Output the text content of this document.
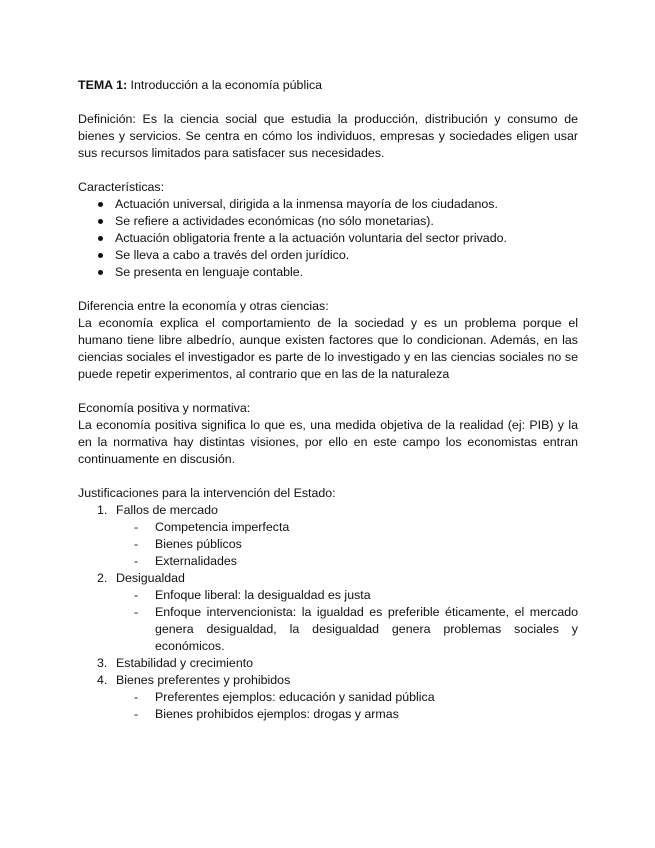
TEMA 1: Introducción a la economía pública

Definición: Es la ciencia social que estudia la producción, distribución y consumo de bienes y servicios. Se centra en cómo los individuos, empresas y sociedades eligen usar sus recursos limitados para satisfacer sus necesidades.

Características:

Actuación universal, dirigida a la inmensa mayoría de los ciudadanos.
Se refiere a actividades económicas (no sólo monetarias).
Actuación obligatoria frente a la actuación voluntaria del sector privado.
Se lleva a cabo a través del orden jurídico.
Se presenta en lenguaje contable.

Diferencia entre la economía y otras ciencias:

La economía explica el comportamiento de la sociedad y es un problema porque el humano tiene libre albedrío, aunque existen factores que lo condicionan. Además, en las ciencias sociales el investigador es parte de lo investigado y en las ciencias sociales no se puede repetir experimentos, al contrario que en las de la naturaleza

Economía positiva y normativa:

La economía positiva significa lo que es, una medida objetiva de la realidad (ej: PIB) y la en la normativa hay distintas visiones, por ello en este campo los economistas entran continuamente en discusión.

Justificaciones para la intervención del Estado:

1. Fallos de mercado
- Competencia imperfecta
- Bienes públicos
- Externalidades
2. Desigualdad
- Enfoque liberal: la desigualdad es justa
- Enfoque intervencionista: la igualdad es preferible éticamente, el mercado genera desigualdad, la desigualdad genera problemas sociales y económicos.
3. Estabilidad y crecimiento
4. Bienes preferentes y prohibidos
- Preferentes ejemplos: educación y sanidad pública
- Bienes prohibidos ejemplos: drogas y armas
